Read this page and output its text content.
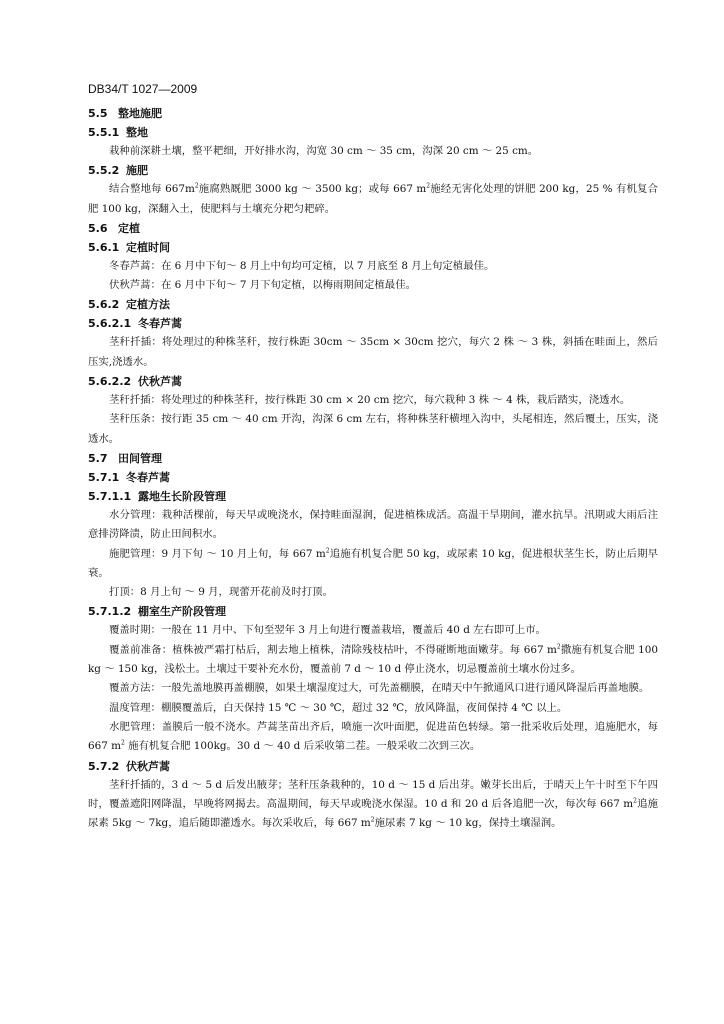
DB34/T 1027—2009
5.5 整地施肥
5.5.1 整地

栽种前深耕土壤，整平耙细，开好排水沟，沟宽 30 cm ～ 35 cm，沟深 20 cm ～ 25 cm。

5.5.2 施肥

结合整地每 $667m^2$施腐熟厩肥 3000 kg ～ 3500 kg；或每 667 $m^2$施经无害化处理的饼肥 200 kg，25 % 有机复合肥 100 kg，深翻入土，使肥料与土壤充分耙匀耙碎。

5.6 定植
5.6.1 定植时间

冬春芦蒿：在 6 月中下旬～ 8 月上中旬均可定植，以 7 月底至 8 月上旬定植最佳。

伏秋芦蒿：在 6 月中下旬～ 7 月下旬定植，以梅雨期间定植最佳。

5.6.2 定植方法
5.6.2.1 冬春芦蒿

茎秆扦插：将处理过的种株茎秆，按行株距 30cm ～ 35cm × 30cm 挖穴，每穴 2 株 ～ 3 株，斜插在畦面上，然后压实,浇透水。

5.6.2.2 伏秋芦蒿

茎秆扦插：将处理过的种株茎秆，按行株距 30 cm × 20 cm 挖穴，每穴栽种 3 株 ～ 4 株，栽后踏实，浇透水。

茎秆压条：按行距 35 cm ～ 40 cm 开沟，沟深 6 cm 左右，将种株茎秆横埋入沟中，头尾相连，然后覆土，压实，浇透水。

5.7 田间管理
5.7.1 冬春芦蒿
5.7.1.1 露地生长阶段管理

水分管理：栽种活棵前，每天早或晚浇水，保持畦面湿润，促进植株成活。高温干旱期间，灌水抗旱。汛期或大雨后注意排涝降渍，防止田间积水。

施肥管理：9 月下旬 ～ 10 月上旬，每 667 $m^2$追施有机复合肥 50 kg，或尿素 10 kg，促进根状茎生长，防止后期早衰。

打顶：8 月上旬 ～ 9 月，现蕾开花前及时打顶。

5.7.1.2 棚室生产阶段管理

覆盖时期：一般在 11 月中、下旬至翌年 3 月上旬进行覆盖栽培，覆盖后 40 d 左右即可上市。

覆盖前准备：植株被严霜打枯后，割去地上植株，清除残枝枯叶，不得碰断地面嫩芽。每 667 $m^2$撒施有机复合肥 100 kg ～ 150 kg，浅松土。土壤过干要补充水份，覆盖前 7 d ～ 10 d 停止浇水，切忌覆盖前土壤水份过多。

覆盖方法：一般先盖地膜再盖棚膜，如果土壤湿度过大，可先盖棚膜，在晴天中午掀通风口进行通风降湿后再盖地膜。

温度管理：棚膜覆盖后，白天保持 15 ℃ ～ 30 ℃，超过 32 ℃，放风降温，夜间保持 4 ℃ 以上。

水肥管理：盖膜后一般不浇水。芦蒿茎苗出齐后，喷施一次叶面肥，促进苗色转绿。第一批采收后处理，追施肥水，每 667 $m^2$ 施有机复合肥 100kg。30 d ～ 40 d 后采收第二茬。一般采收二次到三次。

5.7.2 伏秋芦蒿

茎秆扦插的，3 d ～ 5 d 后发出腋芽；茎秆压条栽种的，10 d ～ 15 d 后出芽。嫩芽长出后，于晴天上午十时至下午四时，覆盖遮阳网降温，早晚将网揭去。高温期间，每天早或晚浇水保湿。10 d 和 20 d 后各追肥一次，每次每 667 $m^2$追施尿素 5kg ～ 7kg，追后随即灌透水。每次采收后，每 667 $m^2$施尿素 7 kg ～ 10 kg，保持土壤湿润。
